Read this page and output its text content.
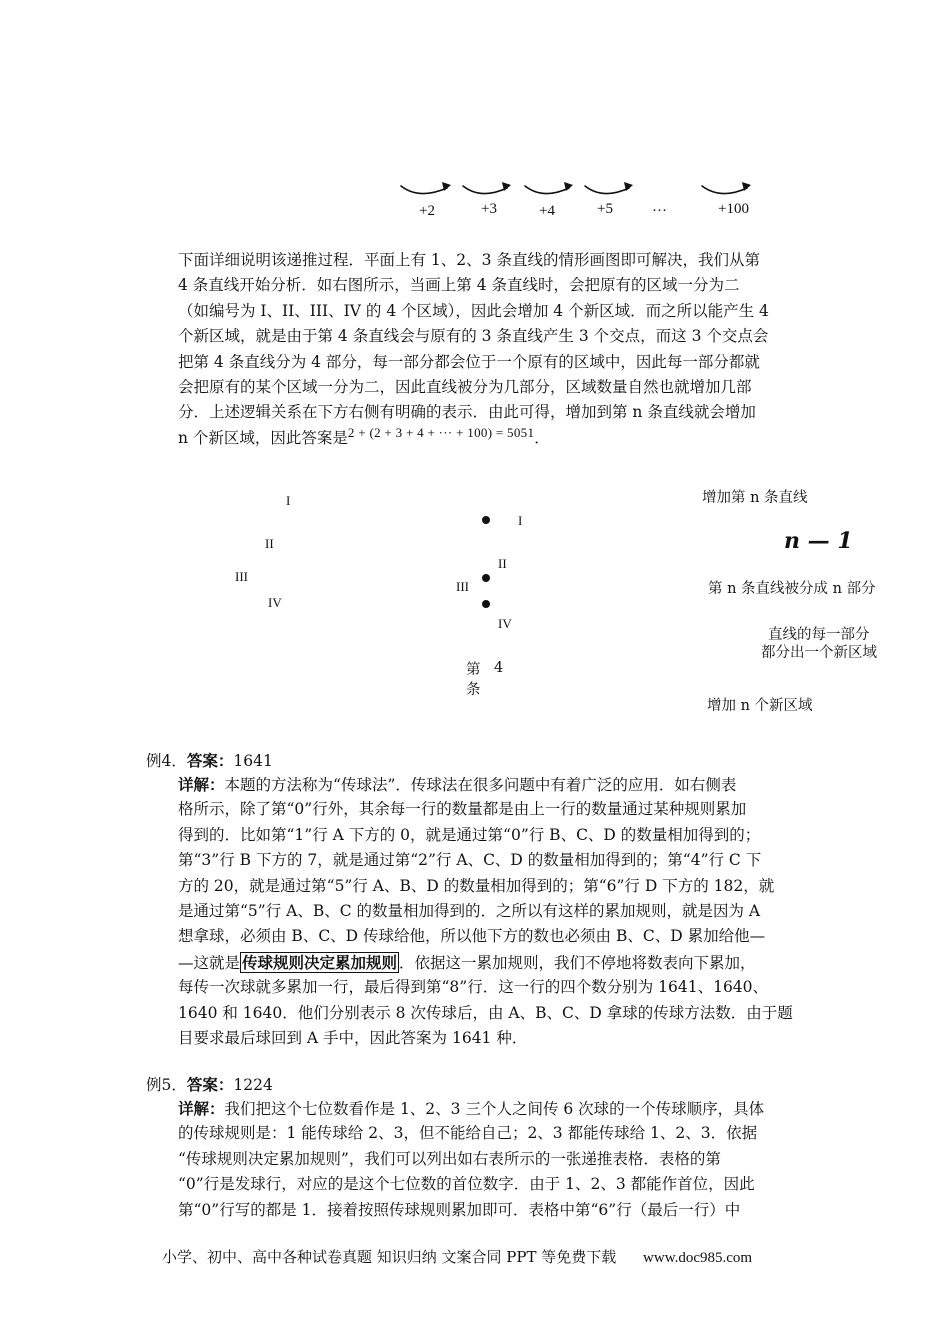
+2	+3	+4	+5	…	+100
下面详细说明该递推过程．平面上有 1、2、3 条直线的情形画图即可解决，我们从第
4 条直线开始分析．如右图所示，当画上第 4 条直线时，会把原有的区域一分为二
（如编号为 I、II、III、IV 的 4 个区域），因此会增加 4 个新区域．而之所以能产生 4
个新区域，就是由于第 4 条直线会与原有的 3 条直线产生 3 个交点，而这 3 个交点会
把第 4 条直线分为 4 部分，每一部分都会位于一个原有的区域中，因此每一部分都就
会把原有的某个区域一分为二，因此直线被分为几部分，区域数量自然也就增加几部
分．上述逻辑关系在下方右侧有明确的表示．由此可得，增加到第 n 条直线就会增加
n 个新区域，因此答案是$^{2 + (2 + 3 + 4 + \cdot\cdot\cdot + 100) = 5051}$．
I
II
III
IV
I
II
III
IV
第 4
条
增加第 n 条直线
n — 1
第 n 条直线被分成 n 部分
直线的每一部分
都分出一个新区域
增加 n 个新区域
例4．答案：1641
详解：本题的方法称为“传球法”．传球法在很多问题中有着广泛的应用．如右侧表
格所示，除了第“0”行外，其余每一行的数量都是由上一行的数量通过某种规则累加
得到的．比如第“1”行 A 下方的 0，就是通过第“0”行 B、C、D 的数量相加得到的；
第“3”行 B 下方的 7，就是通过第“2”行 A、C、D 的数量相加得到的；第“4”行 C 下
方的 20，就是通过第“5”行 A、B、D 的数量相加得到的；第“6”行 D 下方的 182，就
是通过第“5”行 A、B、C 的数量相加得到的．之所以有这样的累加规则，就是因为 A
想拿球，必须由 B、C、D 传球给他，所以他下方的数也必须由 B、C、D 累加给他—
—这就是 传球规则决定累加规则 ．依据这一累加规则，我们不停地将数表向下累加，
每传一次球就多累加一行，最后得到第“8”行．这一行的四个数分别为 1641、1640、
1640 和 1640．他们分别表示 8 次传球后，由 A、B、C、D 拿球的传球方法数．由于题
目要求最后球回到 A 手中，因此答案为 1641 种．
例5．答案：1224
详解：我们把这个七位数看作是 1、2、3 三个人之间传 6 次球的一个传球顺序，具体
的传球规则是：1 能传球给 2、3，但不能给自己；2、3 都能传球给 1、2、3．依据
“传球规则决定累加规则”，我们可以列出如右表所示的一张递推表格．表格的第
“0”行是发球行，对应的是这个七位数的首位数字．由于 1、2、3 都能作首位，因此
第“0”行写的都是 1．接着按照传球规则累加即可．表格中第“6”行（最后一行）中
小学、初中、高中各种试卷真题 知识归纳 文案合同 PPT 等免费下载 www.doc985.com
